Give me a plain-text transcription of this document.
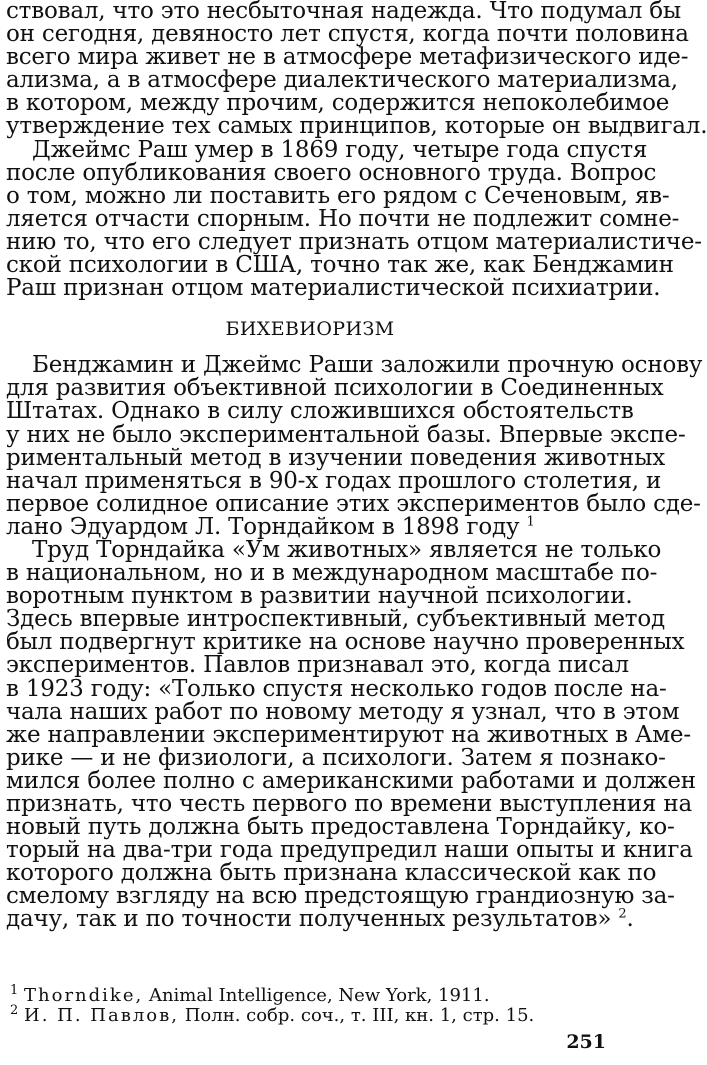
ствовал, что это несбыточная надежда. Что подумал бы
он сегодня, девяносто лет спустя, когда почти половина
всего мира живет не в атмосфере метафизического иде-
ализма, а в атмосфере диалектического материализма,
в котором, между прочим, содержится непоколебимое
утверждение тех самых принципов, которые он выдвигал.
Джеймс Раш умер в 1869 году, четыре года спустя
после опубликования своего основного труда. Вопрос
о том, можно ли поставить его рядом с Сеченовым, яв-
ляется отчасти спорным. Но почти не подлежит сомне-
нию то, что его следует признать отцом материалистиче-
ской психологии в США, точно так же, как Бенджамин
Раш признан отцом материалистической психиатрии.
БИХЕВИОРИЗМ
Бенджамин и Джеймс Раши заложили прочную основу
для развития объективной психологии в Соединенных
Штатах. Однако в силу сложившихся обстоятельств
у них не было экспериментальной базы. Впервые экспе-
риментальный метод в изучении поведения животных
начал применяться в 90-х годах прошлого столетия, и
первое солидное описание этих экспериментов было сде-
лано Эдуардом Л. Торндайком в 1898 году $^1$
Труд Торндайка «Ум животных» является не только
в национальном, но и в международном масштабе по-
воротным пунктом в развитии научной психологии.
Здесь впервые интроспективный, субъективный метод
был подвергнут критике на основе научно проверенных
экспериментов. Павлов признавал это, когда писал
в 1923 году: «Только спустя несколько годов после на-
чала наших работ по новому методу я узнал, что в этом
же направлении экспериментируют на животных в Аме-
рике — и не физиологи, а психологи. Затем я познако-
мился более полно с американскими работами и должен
признать, что честь первого по времени выступления на
новый путь должна быть предоставлена Торндайку, ко-
торый на два-три года предупредил наши опыты и книга
которого должна быть признана классической как по
смелому взгляду на всю предстоящую грандиозную за-
дачу, так и по точности полученных результатов» $^2$.
$^1$ Thorndike, Animal Intelligence, New York, 1911.
$^2$ И. П. Павлов, Полн. собр. соч., т. III, кн. 1, стр. 15.
251
